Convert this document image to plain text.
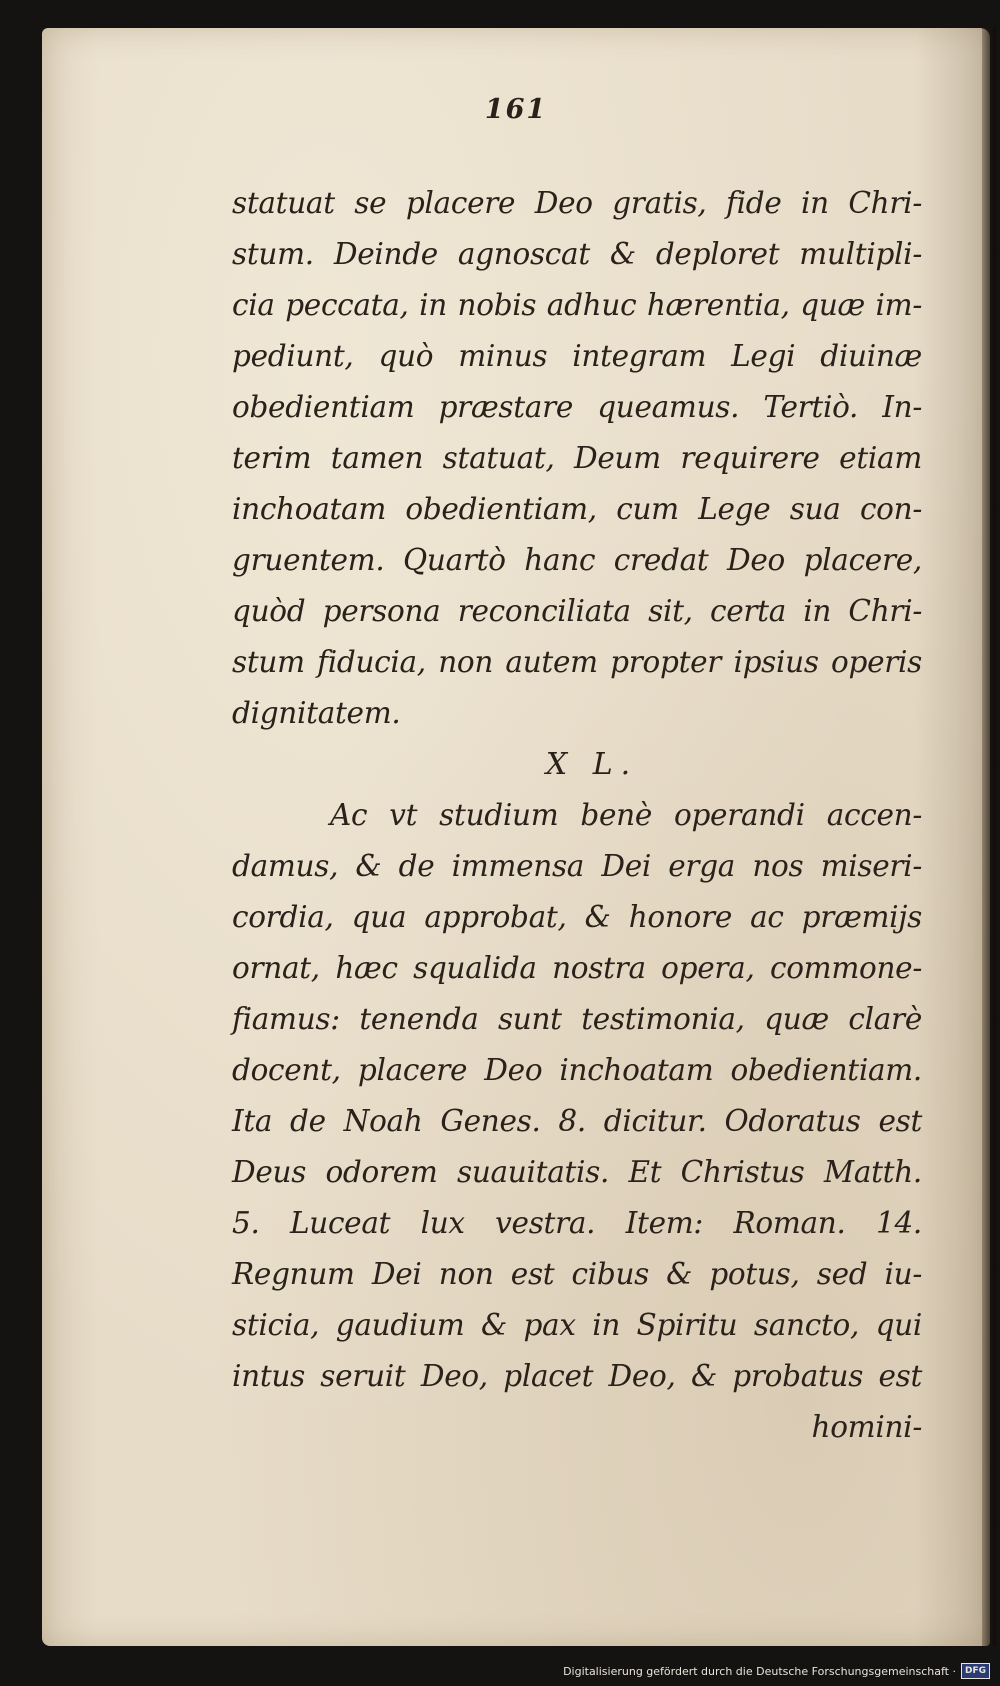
161
statuat se placere Deo gratis, fide in Chri-
stum. Deinde agnoscat & deploret multipli-
cia peccata, in nobis adhuc hærentia, quæ im-
pediunt, quò minus integram Legi diuinæ
obedientiam præstare queamus. Tertiò. In-
terim tamen statuat, Deum requirere etiam
inchoatam obedientiam, cum Lege sua con-
gruentem. Quartò hanc credat Deo placere,
quòd persona reconciliata sit, certa in Chri-
stum fiducia, non autem propter ipsius operis
dignitatem.
X L.
Ac vt studium benè operandi accen-
damus, & de immensa Dei erga nos miseri-
cordia, qua approbat, & honore ac præmijs
ornat, hæc squalida nostra opera, commone-
fiamus: tenenda sunt testimonia, quæ clarè
docent, placere Deo inchoatam obedientiam.
Ita de Noah Genes. 8. dicitur. Odoratus est
Deus odorem suauitatis. Et Christus Matth.
5. Luceat lux vestra. Item: Roman. 14.
Regnum Dei non est cibus & potus, sed iu-
sticia, gaudium & pax in Spiritu sancto, qui
intus seruit Deo, placet Deo, & probatus est
homini-
Digitalisierung gefördert durch die Deutsche Forschungsgemeinschaft ·	DFG
